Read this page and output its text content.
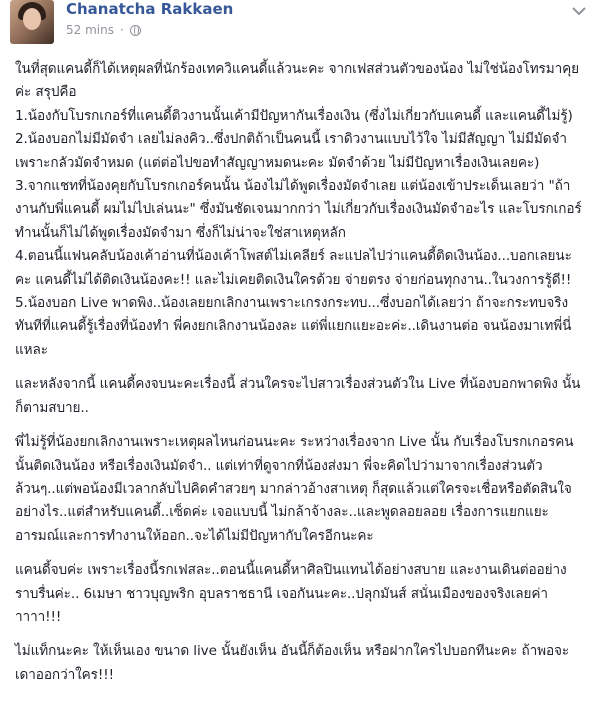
Chanatcha Rakkaen
52 mins ·

ในที่สุดแคนดี้ก็ได้เหตุผลที่นักร้องเทควิแคนดี้แล้วนะคะ จากเฟสส่วนตัวของน้อง ไม่ใช่น้องโทรมาคุยค่ะ สรุปคือ
1.น้องกับโบรกเกอร์ที่แคนดี้ติวงานนั้นเค้ามีปัญหากันเรื่องเงิน (ซึ่งไม่เกี่ยวกับแคนดี้ และแคนดี้ไม่รู้)
2.น้องบอกไม่มีมัดจำ เลยไม่ลงคิว..ซึ่งปกติถ้าเป็นคนนี้ เราดิวงานแบบไว้ใจ ไม่มีสัญญา ไม่มีมัดจำ เพราะกลัวมัดจำหมด (แต่ต่อไปขอทำสัญญาหมดนะคะ มัดจำด้วย ไม่มีปัญหาเรื่องเงินเลยคะ)
3.จากแชทที่น้องคุยกับโบรกเกอร์คนนั้น น้องไม่ได้พูดเรื่องมัดจำเลย แต่น้องเข้าประเด็นเลยว่า "ถ้างานกับพี่แคนดี้ ผมไม่ไปเล่นนะ" ซึ่งมันชัดเจนมากกว่า ไม่เกี่ยวกับเรื่องเงินมัดจำอะไร และโบรกเกอร์ทำนนั้นก็ไม่ได้พูดเรื่องมัดจำมา ซึ่งก็ไม่น่าจะใช่สาเหตุหลัก
4.ตอนนี้แฟนคลับน้องเค้าอ่านที่น้องเค้าโพสต์ไม่เคลียร์ ละแปลไปว่าแคนดี้ติดเงินน้อง...บอกเลยนะคะ แคนดี้ไม่ได้ติดเงินน้องคะ!! และไม่เคยติดเงินใครด้วย จ่ายตรง จ่ายก่อนทุกงาน..ในวงการรู้ดี!!
5.น้องบอก Live พาดพิง..น้องเลยยกเลิกงานเพราะเกรงกระทบ...ซึ่งบอกได้เลยว่า ถ้าจะกระทบจริง ทันทีที่แคนดี้รู้เรื่องที่น้องทำ พี่คงยกเลิกงานน้องละ แต่พี่แยกแยะอะค่ะ..เดินงานต่อ จนน้องมาเทพี่นี่แหละ

และหลังจากนี้ แคนดี้คงจบนะคะเรื่องนี้ ส่วนใครจะไปสาวเรื่องส่วนตัวใน Live ที่น้องบอกพาดพิง นั้นก็ตามสบาย..

พี่ไม่รู้ที่น้องยกเลิกงานเพราะเหตุผลไหนก่อนนะคะ ระหว่างเรื่องจาก Live นั้น กับเรื่องโบรกเกอรคนนั้นติดเงินน้อง หรือเรื่องเงินมัดจำ.. แต่เท่าที่ดูจากที่น้องส่งมา พี่จะคิดไปว่ามาจากเรื่องส่วนตัวล้วนๆ..แต่พอน้องมีเวลากลับไปคิดคำสวยๆ มากล่าวอ้างสาเหตุ ก็สุดแล้วแต่ใครจะเชื่อหรือตัดสินใจอย่างไร..แต่สำหรับแคนดี้..เซ็ดค่ะ เจอแบบนี้ ไม่กล้าจ้างละ..และพูดลอยลอย เรื่องการแยกแยะอารมณ์และการทำงานให้ออก..จะได้ไม่มีปัญหากับใครอีกนะคะ

แคนดี้จบค่ะ เพราะเรื่องนี้รกเฟสละ..ตอนนี้แคนดี้หาศิลปินแทนได้อย่างสบาย และงานเดินต่ออย่างราบรื่นค่ะ.. 6เมษา ชาวบุญพริก อุบลราชธานี เจอกันนะคะ..ปลุกมันส์ สนั่นเมืองของจริงเลยค่าาาาา!!!

ไม่แท็กนะคะ ให้เห็นเอง ขนาด live นั้นยังเห็น อันนี้ก็ต้องเห็น หรือฝากใครไปบอกทีนะคะ ถ้าพอจะเดาออกว่าใคร!!!
